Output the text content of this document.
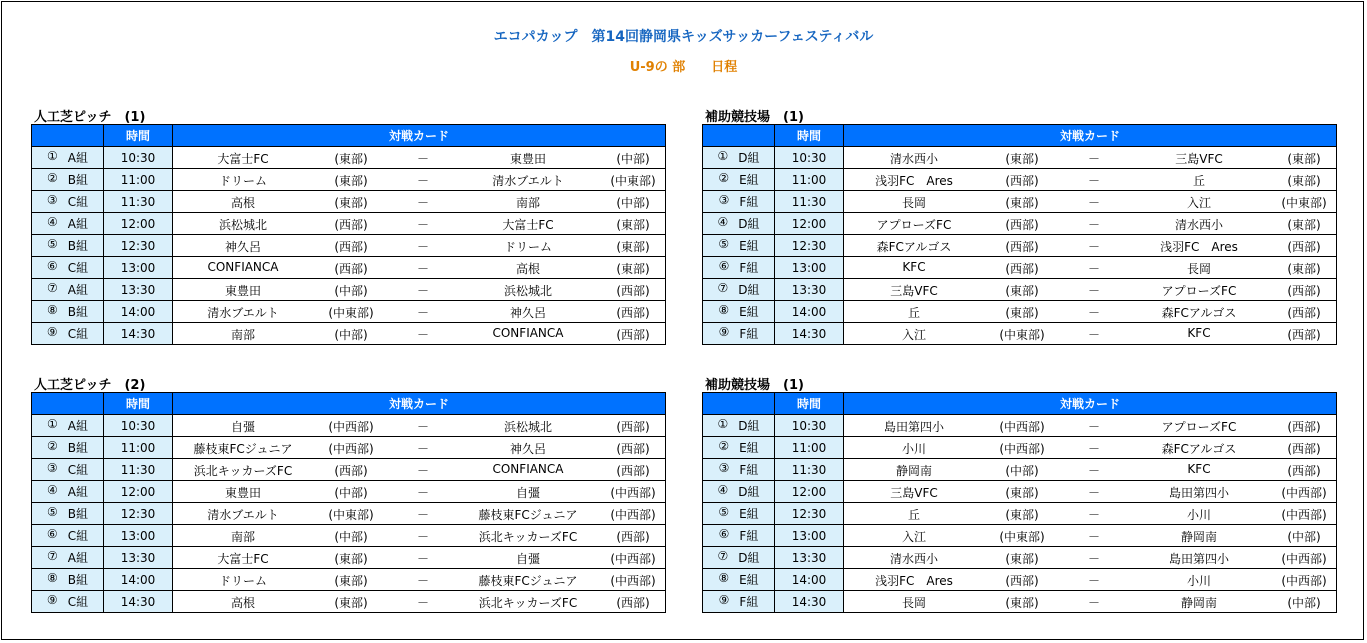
エコパカップ　第14回静岡県キッズサッカーフェスティバル
U-9の 部　　日程
人工芝ピッチ　(1)
	時間	対戦カード

① A組	10:30	大富士FC (東部) － 東豊田 (中部)

② B組	11:00	ドリーム (東部) － 清水ブエルト (中東部)

③ C組	11:30	高根 (東部) － 南部 (中部)

④ A組	12:00	浜松城北 (西部) － 大富士FC (東部)

⑤ B組	12:30	神久呂 (西部) － ドリーム (東部)

⑥ C組	13:00	CONFIANCA (西部) － 高根 (東部)

⑦ A組	13:30	東豊田 (中部) － 浜松城北 (西部)

⑧ B組	14:00	清水ブエルト (中東部) － 神久呂 (西部)

⑨ C組	14:30	南部 (中部) － CONFIANCA (西部)
補助競技場　(1)
	時間	対戦カード

① D組	10:30	清水西小 (東部) － 三島VFC (東部)

② E組	11:00	浅羽FC　Ares (西部) － 丘 (東部)

③ F組	11:30	長岡 (東部) － 入江 (中東部)

④ D組	12:00	アプローズFC (西部) － 清水西小 (東部)

⑤ E組	12:30	森FCアルゴス (西部) － 浅羽FC　Ares (西部)

⑥ F組	13:00	KFC (西部) － 長岡 (東部)

⑦ D組	13:30	三島VFC (東部) － アプローズFC (西部)

⑧ E組	14:00	丘 (東部) － 森FCアルゴス (西部)

⑨ F組	14:30	入江 (中東部) － KFC (西部)
人工芝ピッチ　(2)
	時間	対戦カード

① A組	10:30	自彊 (中西部) － 浜松城北 (西部)

② B組	11:00	藤枝東FCジュニア (中西部) － 神久呂 (西部)

③ C組	11:30	浜北キッカーズFC (西部) － CONFIANCA (西部)

④ A組	12:00	東豊田 (中部) － 自彊 (中西部)

⑤ B組	12:30	清水ブエルト (中東部) － 藤枝東FCジュニア (中西部)

⑥ C組	13:00	南部 (中部) － 浜北キッカーズFC (西部)

⑦ A組	13:30	大富士FC (東部) － 自彊 (中西部)

⑧ B組	14:00	ドリーム (東部) － 藤枝東FCジュニア (中西部)

⑨ C組	14:30	高根 (東部) － 浜北キッカーズFC (西部)
補助競技場　(1)
	時間	対戦カード

① D組	10:30	島田第四小 (中西部) － アプローズFC (西部)

② E組	11:00	小川 (中西部) － 森FCアルゴス (西部)

③ F組	11:30	静岡南 (中部) － KFC (西部)

④ D組	12:00	三島VFC (東部) － 島田第四小 (中西部)

⑤ E組	12:30	丘 (東部) － 小川 (中西部)

⑥ F組	13:00	入江 (中東部) － 静岡南 (中部)

⑦ D組	13:30	清水西小 (東部) － 島田第四小 (中西部)

⑧ E組	14:00	浅羽FC　Ares (西部) － 小川 (中西部)

⑨ F組	14:30	長岡 (東部) － 静岡南 (中部)
